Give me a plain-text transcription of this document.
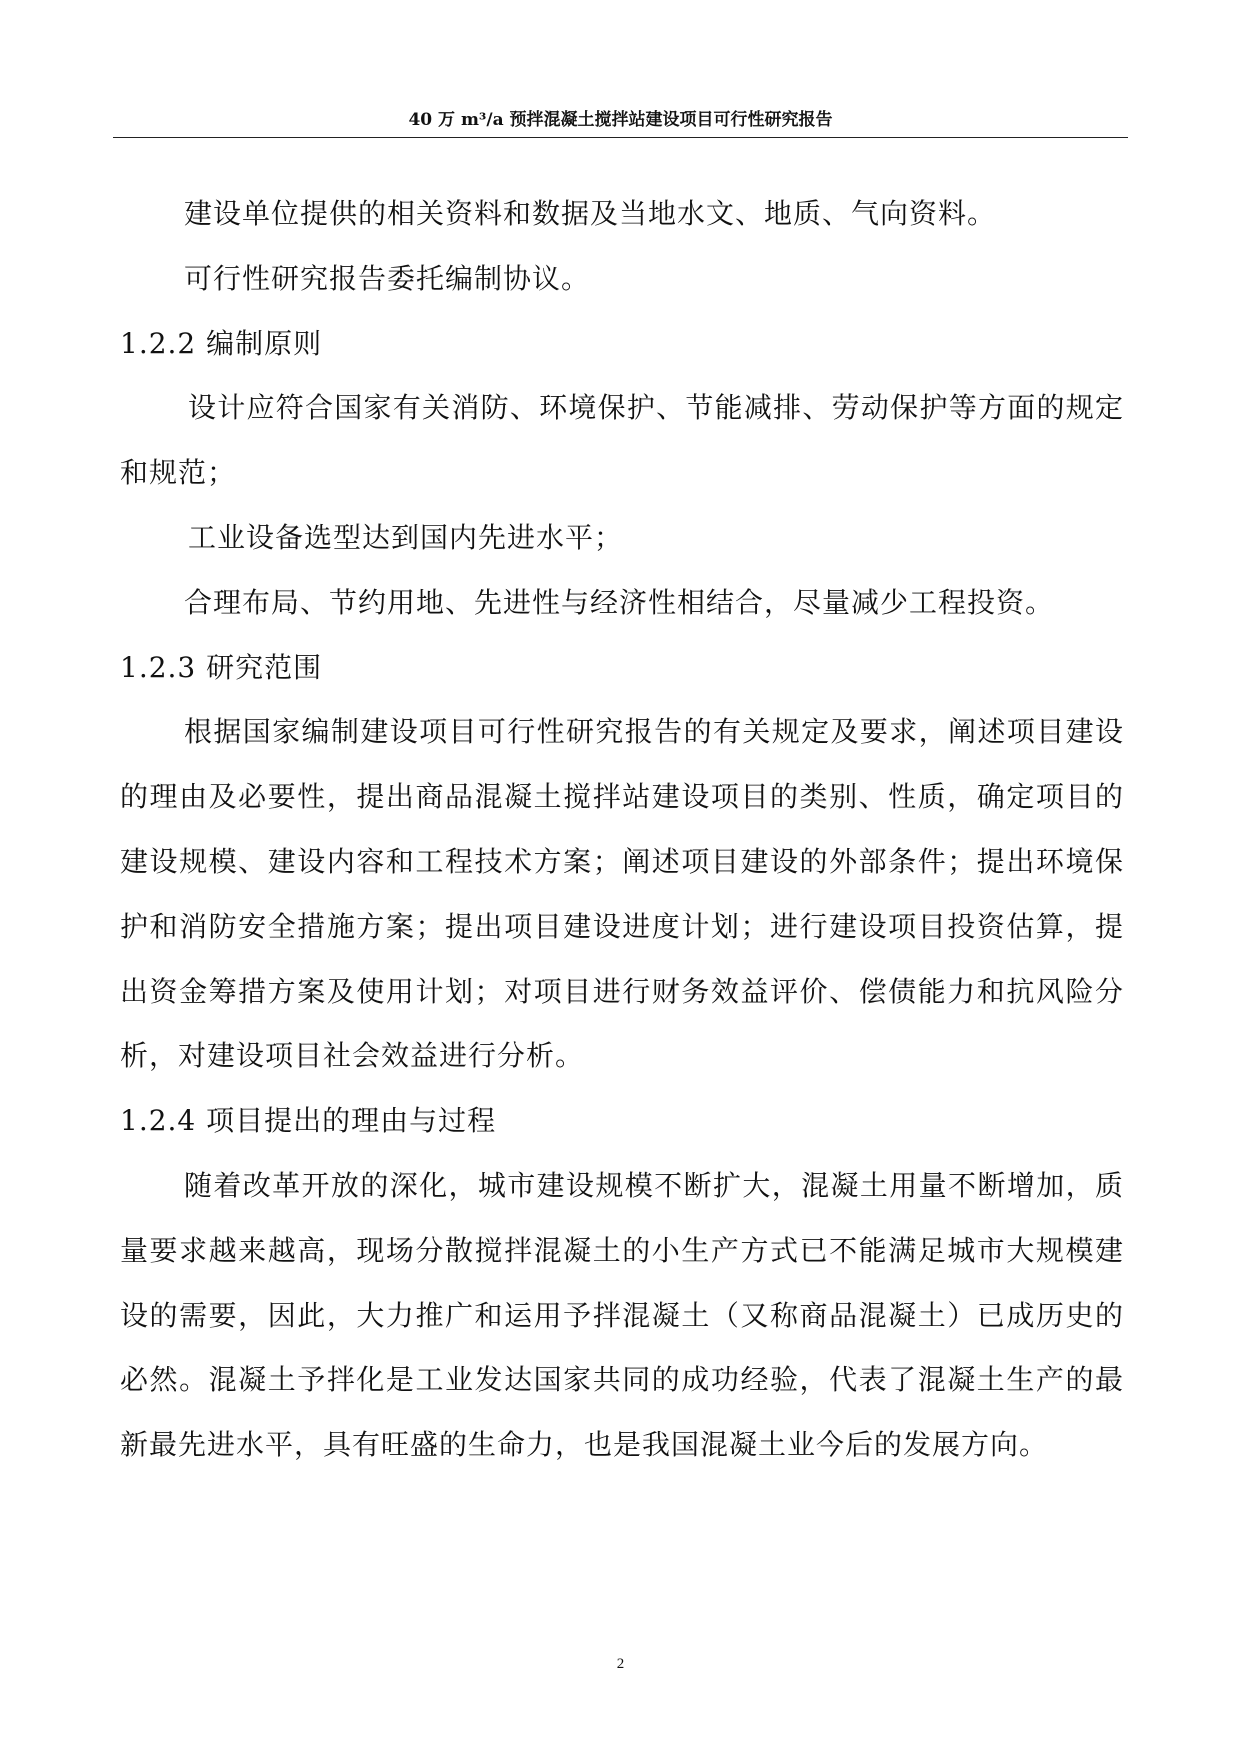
40 万 m³/a 预拌混凝土搅拌站建设项目可行性研究报告

建设单位提供的相关资料和数据及当地水文、地质、气向资料。

可行性研究报告委托编制协议。

1.2.2 编制原则

设计应符合国家有关消防、环境保护、节能减排、劳动保护等方面的规定和规范；

工业设备选型达到国内先进水平；

合理布局、节约用地、先进性与经济性相结合，尽量减少工程投资。

1.2.3 研究范围

根据国家编制建设项目可行性研究报告的有关规定及要求，阐述项目建设的理由及必要性，提出商品混凝土搅拌站建设项目的类别、性质，确定项目的建设规模、建设内容和工程技术方案；阐述项目建设的外部条件；提出环境保护和消防安全措施方案；提出项目建设进度计划；进行建设项目投资估算，提出资金筹措方案及使用计划；对项目进行财务效益评价、偿债能力和抗风险分析，对建设项目社会效益进行分析。

1.2.4 项目提出的理由与过程

随着改革开放的深化，城市建设规模不断扩大，混凝土用量不断增加，质量要求越来越高，现场分散搅拌混凝土的小生产方式已不能满足城市大规模建设的需要，因此，大力推广和运用予拌混凝土（又称商品混凝土）已成历史的必然。混凝土予拌化是工业发达国家共同的成功经验，代表了混凝土生产的最新最先进水平，具有旺盛的生命力，也是我国混凝土业今后的发展方向。

2
